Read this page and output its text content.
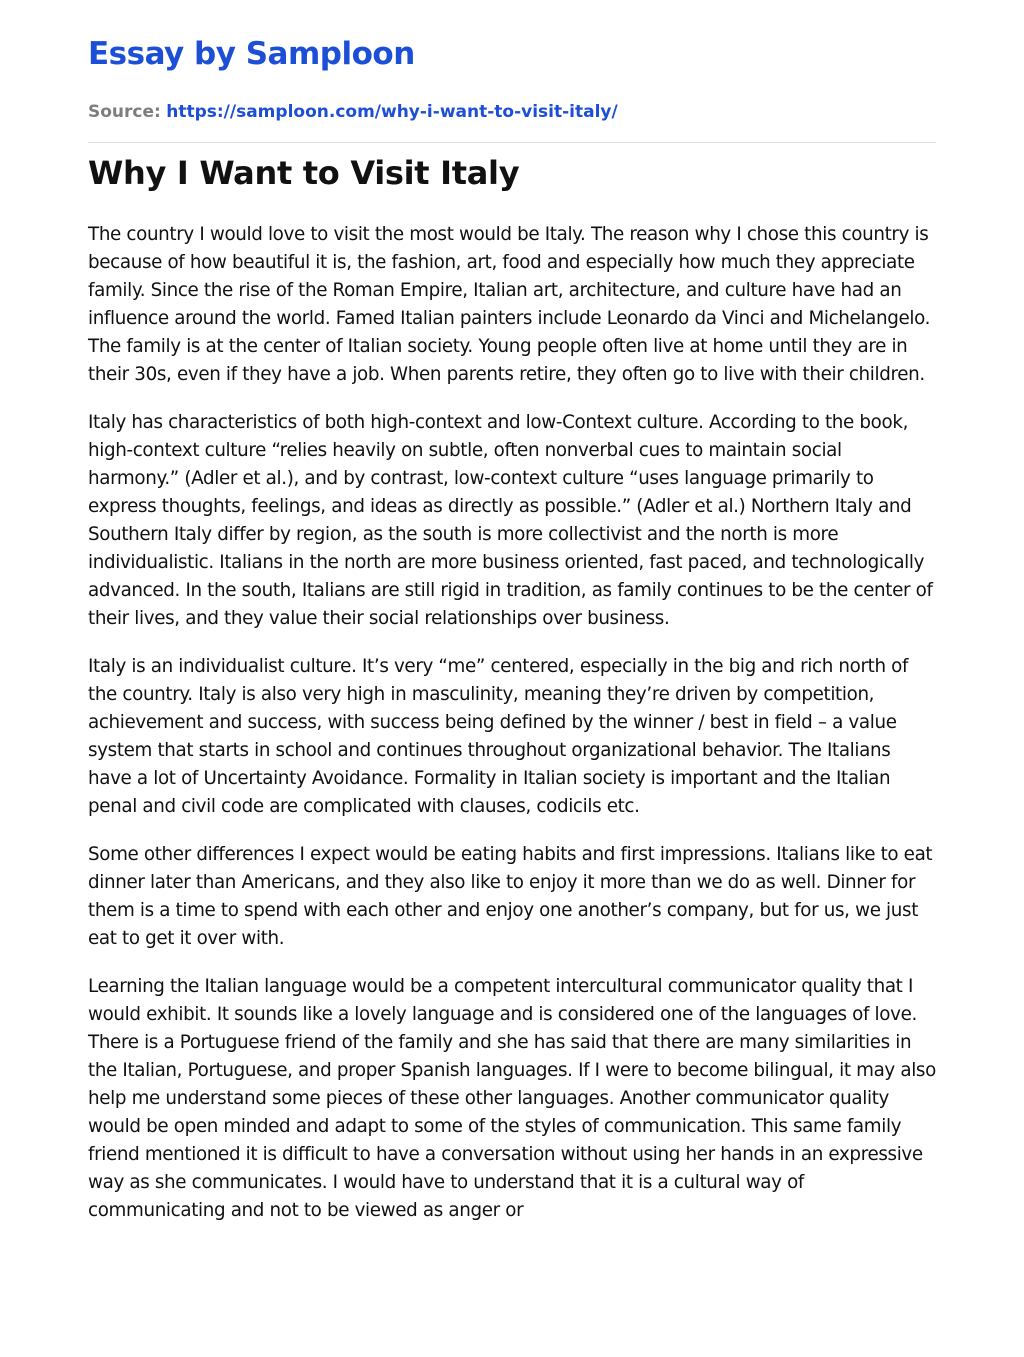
Essay by Samploon
Source: https://samploon.com/why-i-want-to-visit-italy/
Why I Want to Visit Italy

The country I would love to visit the most would be Italy. The reason why I chose this country is because of how beautiful it is, the fashion, art, food and especially how much they appreciate family. Since the rise of the Roman Empire, Italian art, architecture, and culture have had an influence around the world. Famed Italian painters include Leonardo da Vinci and Michelangelo. The family is at the center of Italian society. Young people often live at home until they are in their 30s, even if they have a job. When parents retire, they often go to live with their children.

Italy has characteristics of both high-context and low-Context culture. According to the book, high-context culture “relies heavily on subtle, often nonverbal cues to maintain social harmony.” (Adler et al.), and by contrast, low-context culture “uses language primarily to express thoughts, feelings, and ideas as directly as possible.” (Adler et al.) Northern Italy and Southern Italy differ by region, as the south is more collectivist and the north is more individualistic. Italians in the north are more business oriented, fast paced, and technologically advanced. In the south, Italians are still rigid in tradition, as family continues to be the center of their lives, and they value their social relationships over business.

Italy is an individualist culture. It’s very “me” centered, especially in the big and rich north of the country. Italy is also very high in masculinity, meaning they’re driven by competition, achievement and success, with success being defined by the winner / best in field – a value system that starts in school and continues throughout organizational behavior. The Italians have a lot of Uncertainty Avoidance. Formality in Italian society is important and the Italian penal and civil code are complicated with clauses, codicils etc.

Some other differences I expect would be eating habits and first impressions. Italians like to eat dinner later than Americans, and they also like to enjoy it more than we do as well. Dinner for them is a time to spend with each other and enjoy one another’s company, but for us, we just eat to get it over with.

Learning the Italian language would be a competent intercultural communicator quality that I would exhibit. It sounds like a lovely language and is considered one of the languages of love. There is a Portuguese friend of the family and she has said that there are many similarities in the Italian, Portuguese, and proper Spanish languages. If I were to become bilingual, it may also help me understand some pieces of these other languages. Another communicator quality would be open minded and adapt to some of the styles of communication. This same family friend mentioned it is difficult to have a conversation without using her hands in an expressive way as she communicates. I would have to understand that it is a cultural way of communicating and not to be viewed as anger or
